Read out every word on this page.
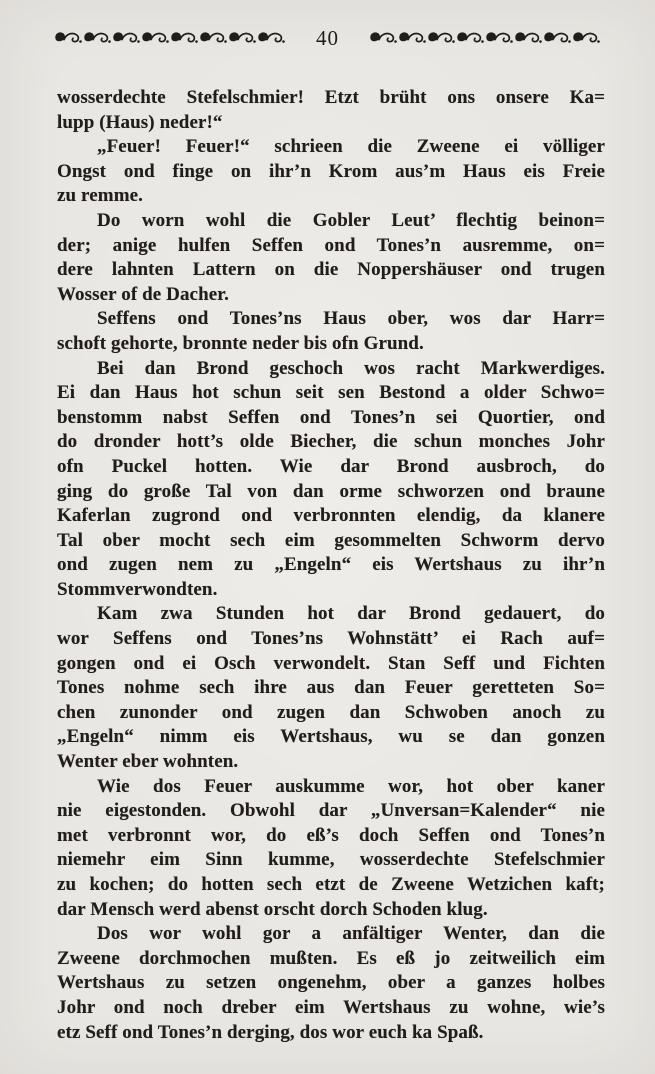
40
wosserdechte Stefelschmier! Etzt brüht ons onsere Ka=
lupp (Haus) neder!“
„Feuer! Feuer!“ schrieen die Zweene ei völliger
Ongst ond finge on ihr’n Krom aus’m Haus eis Freie
zu remme.
Do worn wohl die Gobler Leut’ flechtig beinon=
der; anige hulfen Seffen ond Tones’n ausremme, on=
dere lahnten Lattern on die Noppershäuser ond trugen
Wosser of de Dacher.
Seffens ond Tones’ns Haus ober, wos dar Harr=
schoft gehorte, bronnte neder bis ofn Grund.
Bei dan Brond geschoch wos racht Markwerdiges.
Ei dan Haus hot schun seit sen Bestond a older Schwo=
benstomm nabst Seffen ond Tones’n sei Quortier, ond
do dronder hott’s olde Biecher, die schun monches Johr
ofn Puckel hotten. Wie dar Brond ausbroch, do
ging do große Tal von dan orme schworzen ond braune
Kaferlan zugrond ond verbronnten elendig, da klanere
Tal ober mocht sech eim gesommelten Schworm dervo
ond zugen nem zu „Engeln“ eis Wertshaus zu ihr’n
Stommverwondten.
Kam zwa Stunden hot dar Brond gedauert, do
wor Seffens ond Tones’ns Wohnstätt’ ei Rach auf=
gongen ond ei Osch verwondelt. Stan Seff und Fichten
Tones nohme sech ihre aus dan Feuer geretteten So=
chen zunonder ond zugen dan Schwoben anoch zu
„Engeln“ nimm eis Wertshaus, wu se dan gonzen
Wenter eber wohnten.
Wie dos Feuer auskumme wor, hot ober kaner
nie eigestonden. Obwohl dar „Unversan=Kalender“ nie
met verbronnt wor, do eß’s doch Seffen ond Tones’n
niemehr eim Sinn kumme, wosserdechte Stefelschmier
zu kochen; do hotten sech etzt de Zweene Wetzichen kaft;
dar Mensch werd abenst orscht dorch Schoden klug.
Dos wor wohl gor a anfältiger Wenter, dan die
Zweene dorchmochen mußten. Es eß jo zeitweilich eim
Wertshaus zu setzen ongenehm, ober a ganzes holbes
Johr ond noch dreber eim Wertshaus zu wohne, wie’s
etz Seff ond Tones’n derging, dos wor euch ka Spaß.
